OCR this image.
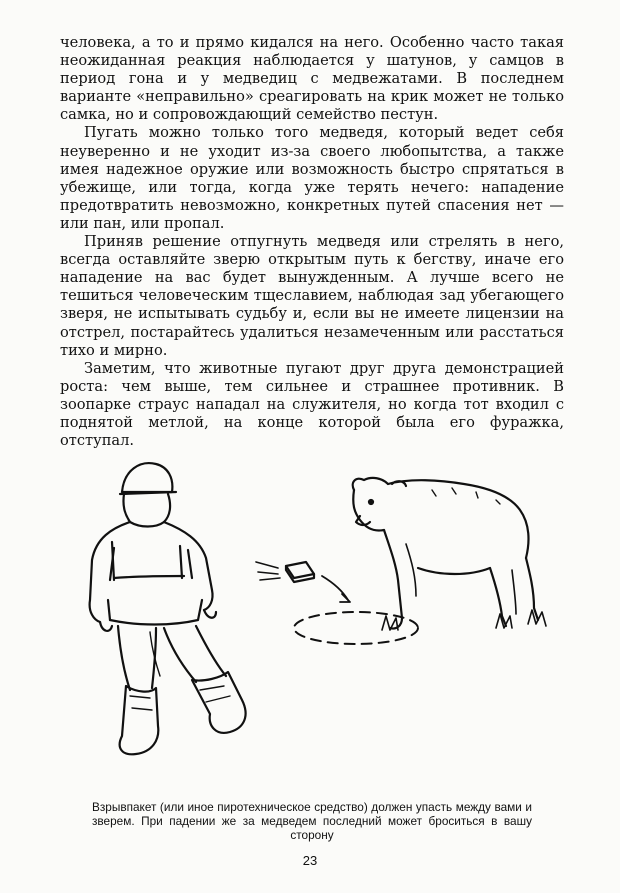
человека, а то и прямо кидался на него. Особенно часто такая неожиданная реакция наблюдается у шатунов, у самцов в период гона и у медведиц с медвежатами. В последнем варианте «неправильно» среагировать на крик может не только самка, но и сопровождающий семейство пестун.

Пугать можно только того медведя, который ведет себя неуверенно и не уходит из-за своего любопытства, а также имея надежное оружие или возможность быстро спрятаться в убежище, или тогда, когда уже терять нечего: нападение предотвратить невозможно, конкретных путей спасения нет — или пан, или пропал.

Приняв решение отпугнуть медведя или стрелять в него, всегда оставляйте зверю открытым путь к бегству, иначе его нападение на вас будет вынужденным. А лучше всего не тешиться человеческим тщеславием, наблюдая зад убегающего зверя, не испытывать судьбу и, если вы не имеете лицензии на отстрел, постарайтесь удалиться незамеченным или расстаться тихо и мирно.

Заметим, что животные пугают друг друга демонстрацией роста: чем выше, тем сильнее и страшнее противник. В зоопарке страус нападал на служителя, но когда тот входил с поднятой метлой, на конце которой была его фуражка, отступал.

Взрывпакет (или иное пиротехническое средство) должен упасть между вами и зверем. При падении же за медведем последний может броситься в вашу сторону
23
